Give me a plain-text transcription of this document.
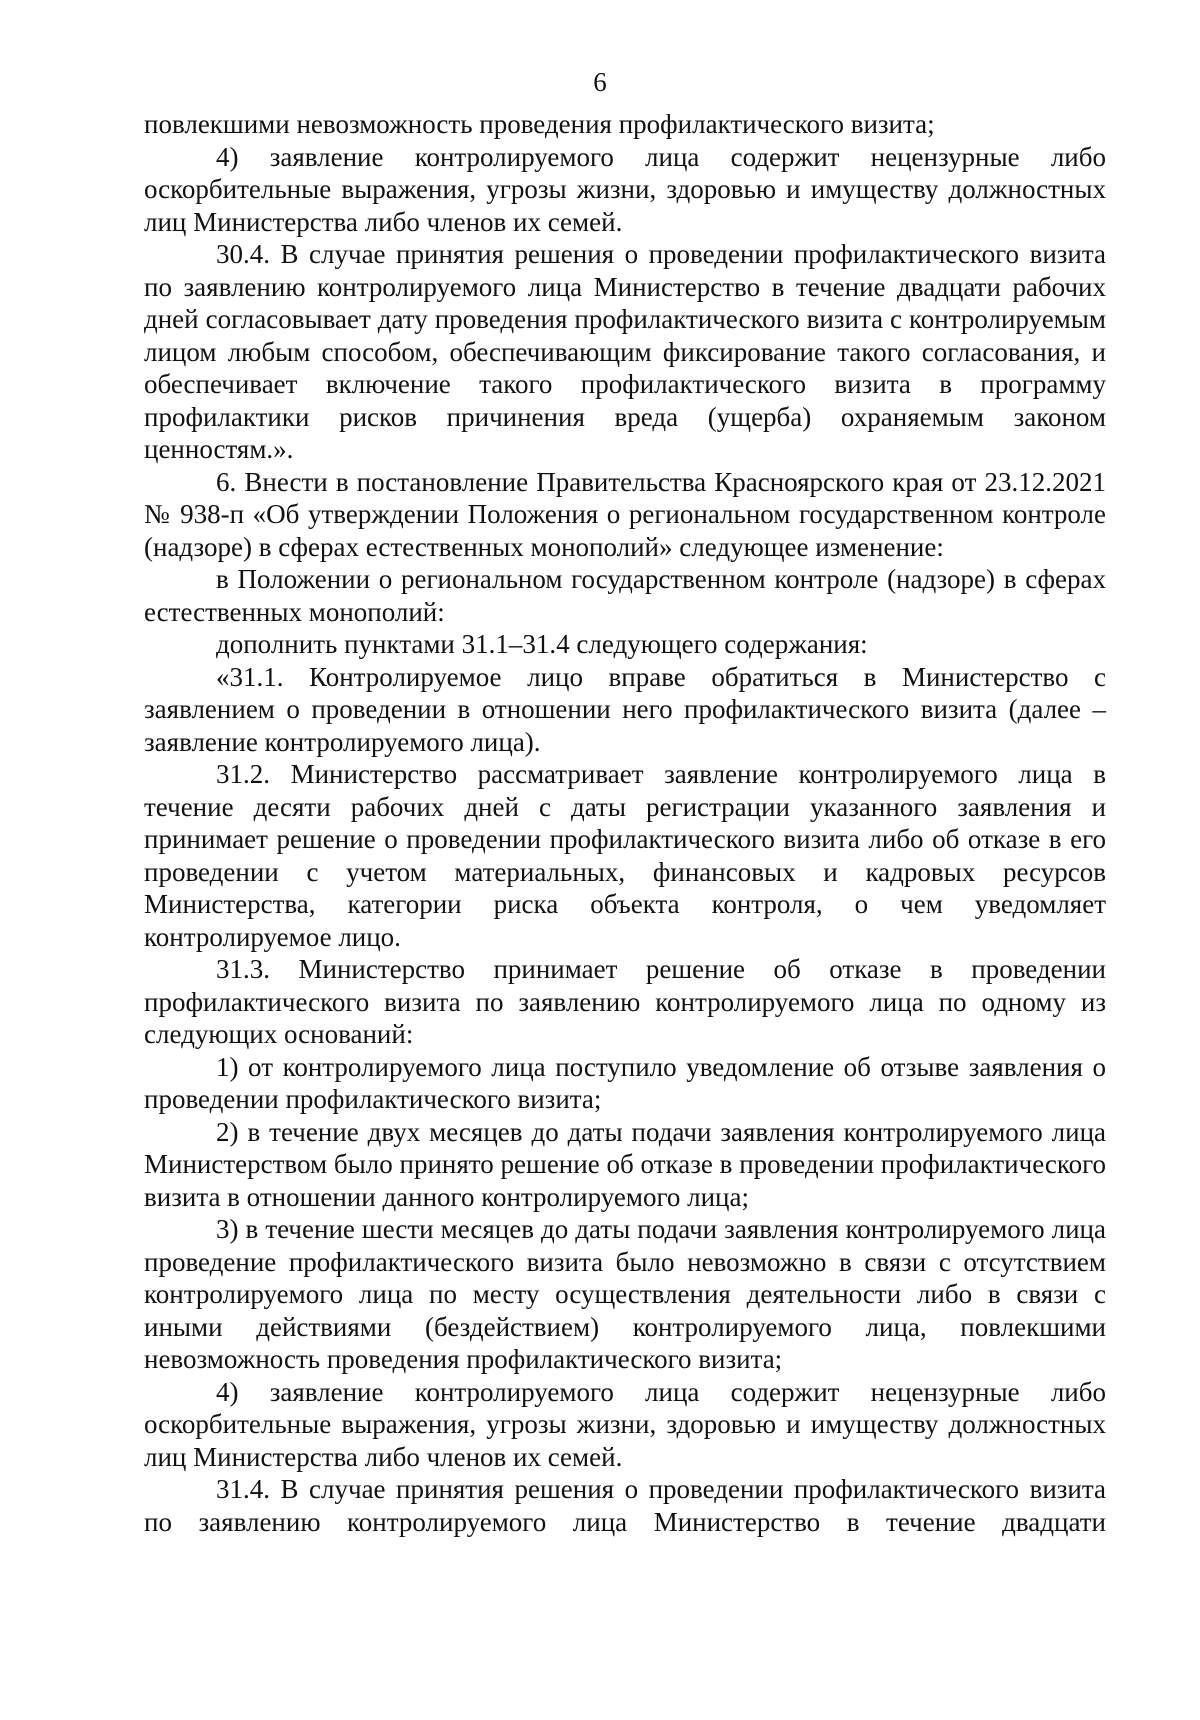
6

повлекшими невозможность проведения профилактического визита;

4) заявление контролируемого лица содержит нецензурные либо оскорбительные выражения, угрозы жизни, здоровью и имуществу должностных лиц Министерства либо членов их семей.

30.4. В случае принятия решения о проведении профилактического визита по заявлению контролируемого лица Министерство в течение двадцати рабочих дней согласовывает дату проведения профилактического визита с контролируемым лицом любым способом, обеспечивающим фиксирование такого согласования, и обеспечивает включение такого профилактического визита в программу профилактики рисков причинения вреда (ущерба) охраняемым законом ценностям.».

6. Внести в постановление Правительства Красноярского края от 23.12.2021 № 938-п «Об утверждении Положения о региональном государственном контроле (надзоре) в сферах естественных монополий» следующее изменение:

в Положении о региональном государственном контроле (надзоре) в сферах естественных монополий:

дополнить пунктами 31.1–31.4 следующего содержания:

«31.1. Контролируемое лицо вправе обратиться в Министерство с заявлением о проведении в отношении него профилактического визита (далее – заявление контролируемого лица).

31.2. Министерство рассматривает заявление контролируемого лица в течение десяти рабочих дней с даты регистрации указанного заявления и принимает решение о проведении профилактического визита либо об отказе в его проведении с учетом материальных, финансовых и кадровых ресурсов Министерства, категории риска объекта контроля, о чем уведомляет контролируемое лицо.

31.3. Министерство принимает решение об отказе в проведении профилактического визита по заявлению контролируемого лица по одному из следующих оснований:

1) от контролируемого лица поступило уведомление об отзыве заявления о проведении профилактического визита;

2) в течение двух месяцев до даты подачи заявления контролируемого лица Министерством было принято решение об отказе в проведении профилактического визита в отношении данного контролируемого лица;

3) в течение шести месяцев до даты подачи заявления контролируемого лица проведение профилактического визита было невозможно в связи с отсутствием контролируемого лица по месту осуществления деятельности либо в связи с иными действиями (бездействием) контролируемого лица, повлекшими невозможность проведения профилактического визита;

4) заявление контролируемого лица содержит нецензурные либо оскорбительные выражения, угрозы жизни, здоровью и имуществу должностных лиц Министерства либо членов их семей.

31.4. В случае принятия решения о проведении профилактического визита по заявлению контролируемого лица Министерство в течение двадцати
